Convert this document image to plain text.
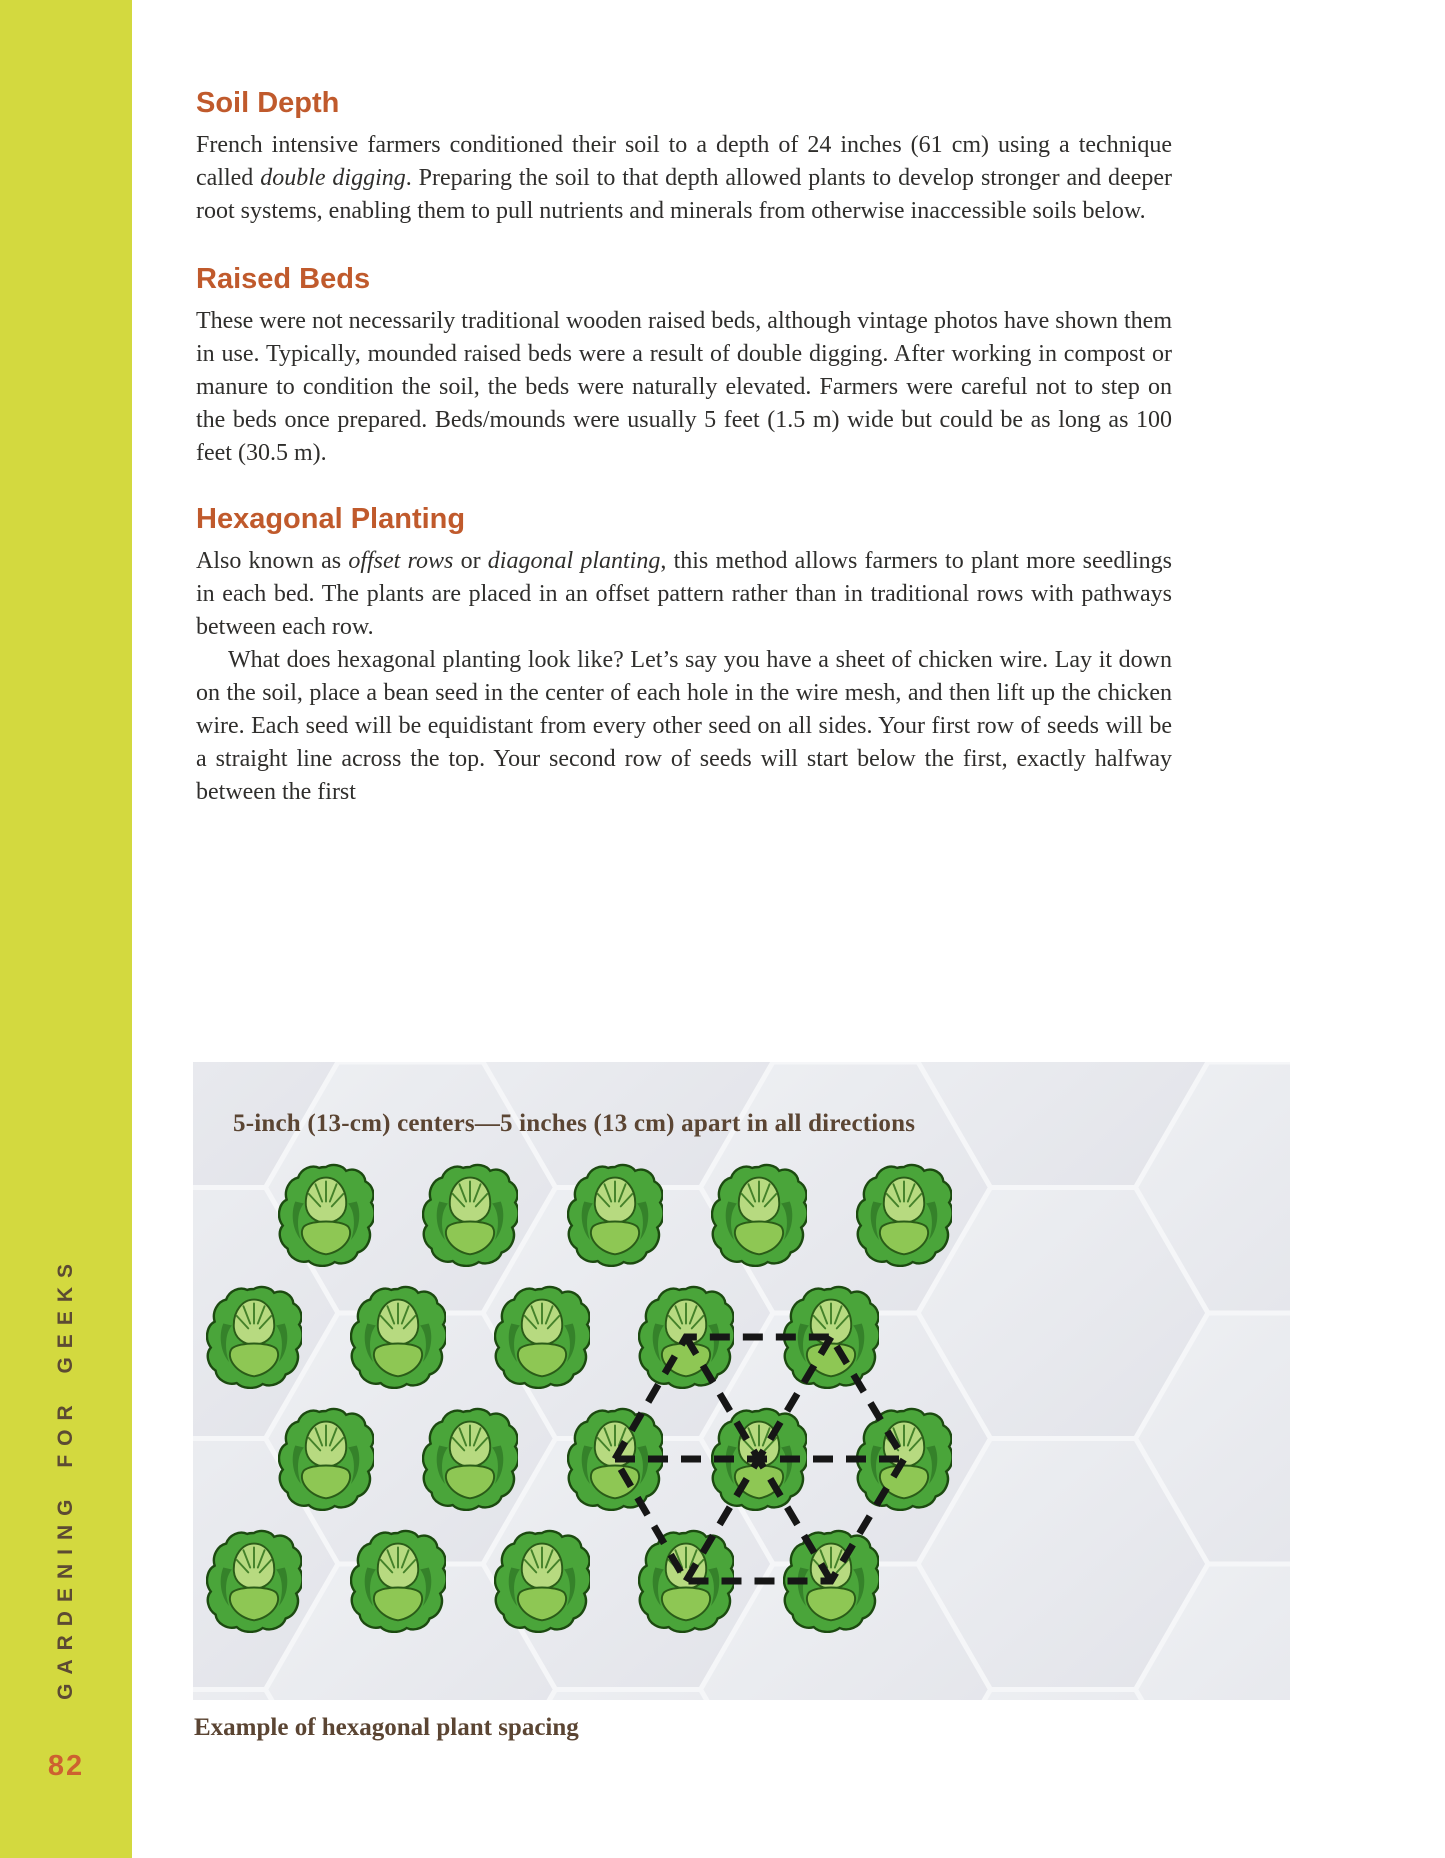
GARDENING FOR GEEKS
82
Soil Depth

French intensive farmers conditioned their soil to a depth of 24 inches (61 cm) using a technique called double digging. Preparing the soil to that depth allowed plants to develop stronger and deeper root systems, enabling them to pull nutrients and minerals from otherwise inaccessible soils below.

Raised Beds

These were not necessarily traditional wooden raised beds, although vintage photos have shown them in use. Typically, mounded raised beds were a result of double digging. After working in compost or manure to condition the soil, the beds were naturally elevated. Farmers were careful not to step on the beds once prepared. Beds/mounds were usually 5 feet (1.5 m) wide but could be as long as 100 feet (30.5 m).

Hexagonal Planting

Also known as offset rows or diagonal planting, this method allows farmers to plant more seedlings in each bed. The plants are placed in an offset pattern rather than in traditional rows with pathways between each row.

What does hexagonal planting look like? Let’s say you have a sheet of chicken wire. Lay it down on the soil, place a bean seed in the center of each hole in the wire mesh, and then lift up the chicken wire. Each seed will be equidistant from every other seed on all sides. Your first row of seeds will be a straight line across the top. Your second row of seeds will start below the first, exactly halfway between the first

5-inch (13-cm) centers—5 inches (13 cm) apart in all directions
Example of hexagonal plant spacing
